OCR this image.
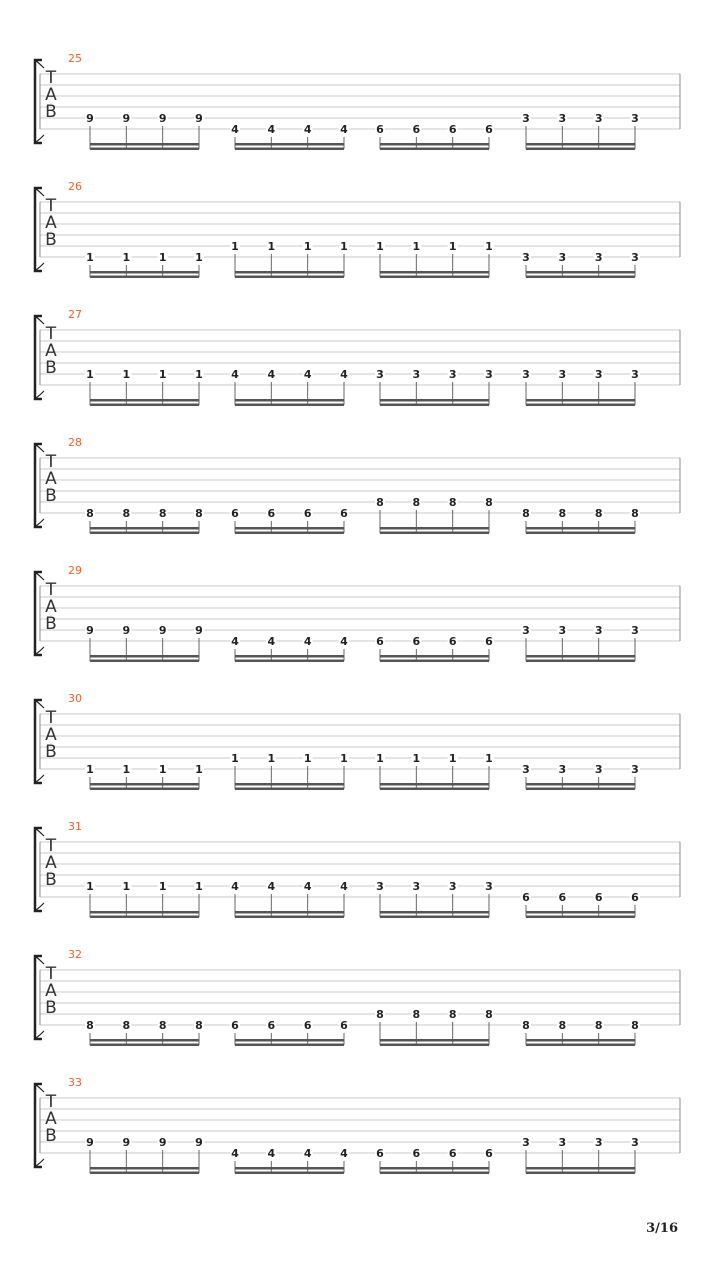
25
T
A
B	9	9	9	9
4	4	4	4	6	6	6	6
3	3	3	3
26
T
A
B
1	1	1	1
1	1	1	1	1	1	1	1
3	3	3	3
27
T
A
B	1	1	1	1	4	4	4	4	3	3	3	3	3	3	3	3
28
T
A
B
8	8	8	8	6	6	6	6
8	8	8	8
8	8	8	8
29
T
A
B	9	9	9	9
4	4	4	4	6	6	6	6
3	3	3	3
30
T
A
B
1	1	1	1
1	1	1	1	1	1	1	1
3	3	3	3
31
T
A
B	1	1	1	1	4	4	4	4	3	3	3	3
6	6	6	6
32
T
A
B
8	8	8	8	6	6	6	6
8	8	8	8
8	8	8	8
33
T
A
B	9	9	9	9
4	4	4	4	6	6	6	6
3	3	3	3
3/16
